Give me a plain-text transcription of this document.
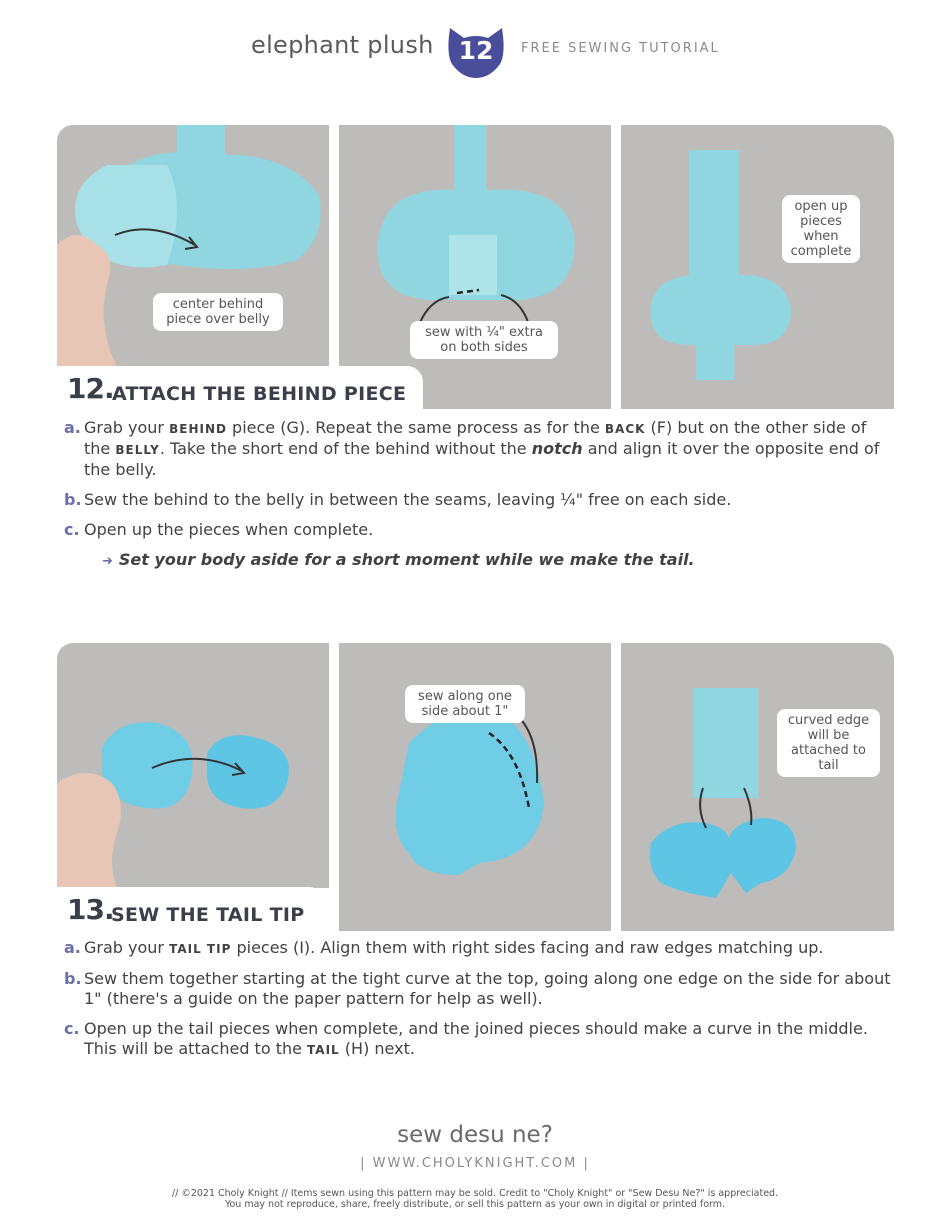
elephant plush 12	FREE SEWING TUTORIAL
center behind piece over belly
sew with ¼" extra on both sides
open up pieces when complete
12.
ATTACH THE BEHIND PIECE
a. Grab your BEHIND piece (G). Repeat the same process as for the BACK (F) but on the other side of the BELLY. Take the short end of the behind without the notch and align it over the opposite end of the belly.
b. Sew the behind to the belly in between the seams, leaving ¼" free on each side.
c. Open up the pieces when complete.
➜ Set your body aside for a short moment while we make the tail.
sew along one side about 1"
curved edge will be attached to tail
13.
SEW THE TAIL TIP
a. Grab your TAIL TIP pieces (I). Align them with right sides facing and raw edges matching up.
b. Sew them together starting at the tight curve at the top, going along one edge on the side for about 1" (there's a guide on the paper pattern for help as well).
c. Open up the tail pieces when complete, and the joined pieces should make a curve in the middle. This will be attached to the TAIL (H) next.
sew desu ne?
| WWW.CHOLYKNIGHT.COM |
// ©2021 Choly Knight // Items sewn using this pattern may be sold. Credit to "Choly Knight" or "Sew Desu Ne?" is appreciated.
You may not reproduce, share, freely distribute, or sell this pattern as your own in digital or printed form.
